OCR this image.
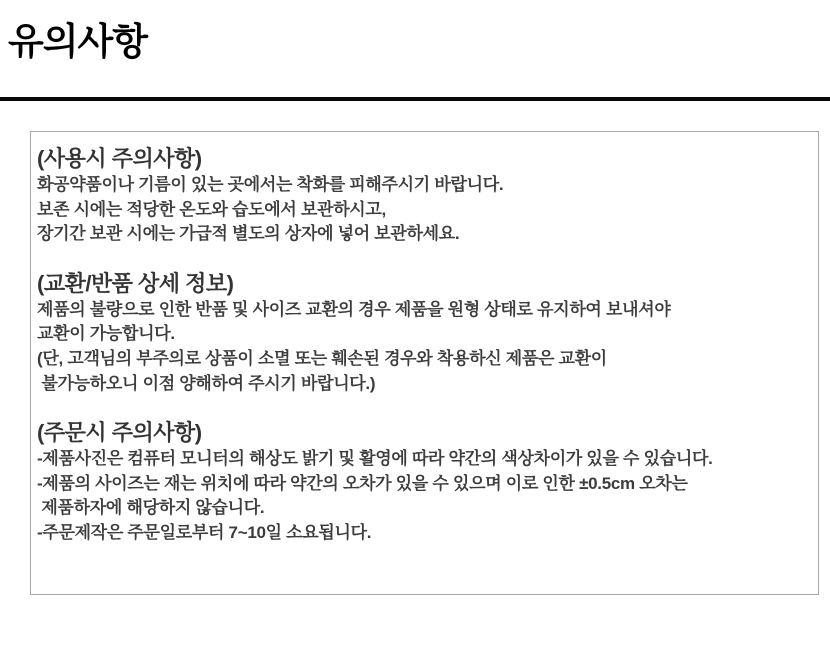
유의사항
(사용시 주의사항)

화공약품이나 기름이 있는 곳에서는 착화를 피해주시기 바랍니다.

보존 시에는 적당한 온도와 습도에서 보관하시고,

장기간 보관 시에는 가급적 별도의 상자에 넣어 보관하세요.

(교환/반품 상세 정보)

제품의 불량으로 인한 반품 및 사이즈 교환의 경우 제품을 원형 상태로 유지하여 보내셔야

교환이 가능합니다.

(단, 고객님의 부주의로 상품이 소멸 또는 훼손된 경우와 착용하신 제품은 교환이

불가능하오니 이점 양해하여 주시기 바랍니다.)

(주문시 주의사항)

-제품사진은 컴퓨터 모니터의 해상도 밝기 및 활영에 따라 약간의 색상차이가 있을 수 있습니다.

-제품의 사이즈는 재는 위치에 따라 약간의 오차가 있을 수 있으며 이로 인한 ±0.5cm 오차는

제품하자에 해당하지 않습니다.

-주문제작은 주문일로부터 7~10일 소요됩니다.
